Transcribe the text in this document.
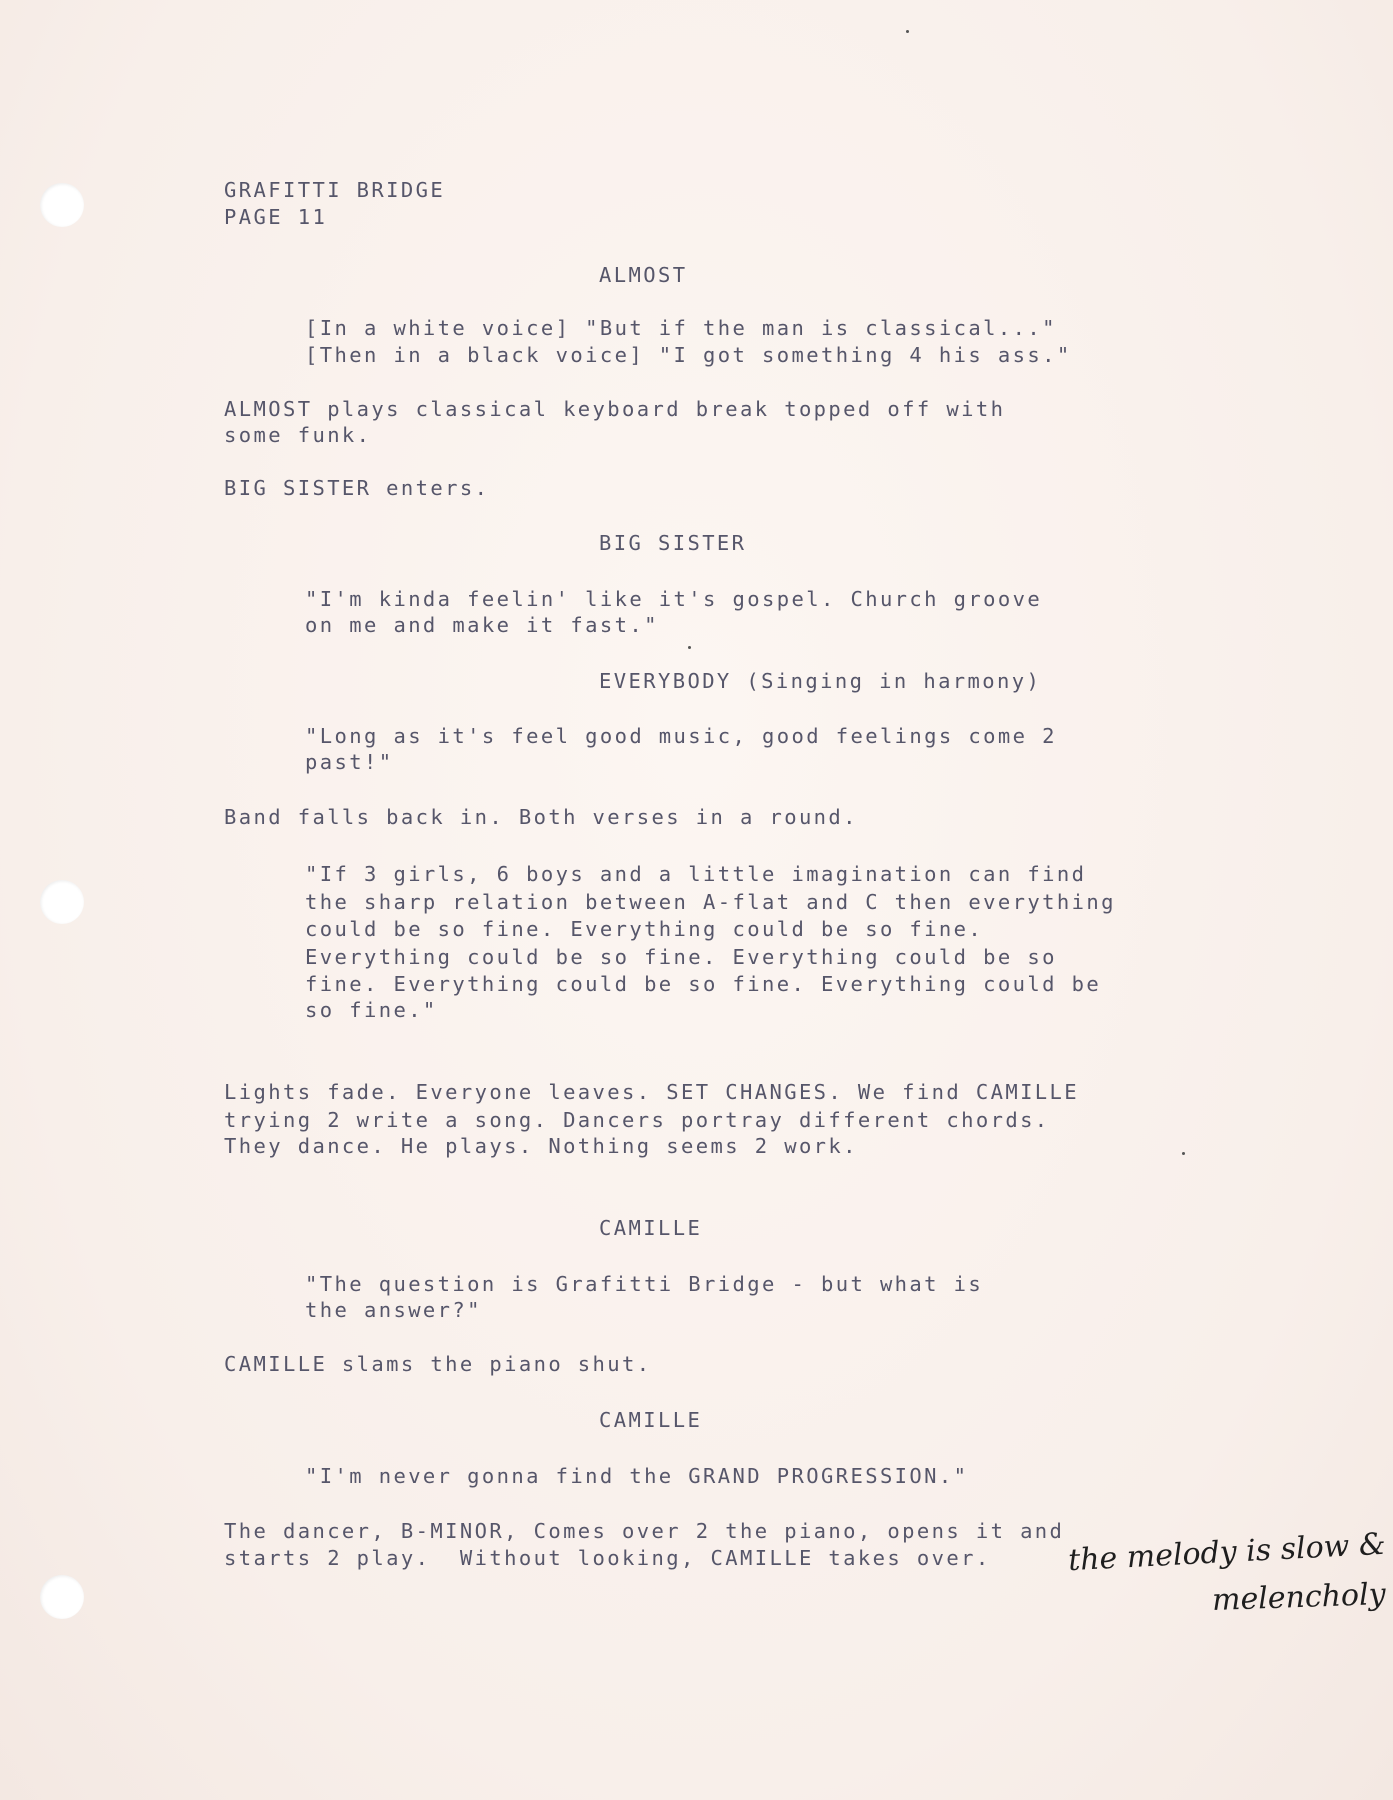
GRAFITTI BRIDGE
PAGE 11
ALMOST
[In a white voice] "But if the man is classical..."
[Then in a black voice] "I got something 4 his ass."
ALMOST plays classical keyboard break topped off with
some funk.
BIG SISTER enters.
BIG SISTER
"I'm kinda feelin' like it's gospel. Church groove
on me and make it fast."
EVERYBODY (Singing in harmony)
"Long as it's feel good music, good feelings come 2
past!"
Band falls back in. Both verses in a round.
"If 3 girls, 6 boys and a little imagination can find
the sharp relation between A-flat and C then everything
could be so fine. Everything could be so fine.
Everything could be so fine. Everything could be so
fine. Everything could be so fine. Everything could be
so fine."
Lights fade. Everyone leaves. SET CHANGES. We find CAMILLE
trying 2 write a song. Dancers portray different chords.
They dance. He plays. Nothing seems 2 work.
CAMILLE
"The question is Grafitti Bridge - but what is
the answer?"
CAMILLE slams the piano shut.
CAMILLE
"I'm never gonna find the GRAND PROGRESSION."
The dancer, B-MINOR, Comes over 2 the piano, opens it and
starts 2 play.  Without looking, CAMILLE takes over.	the melody is slow &
melencholy
